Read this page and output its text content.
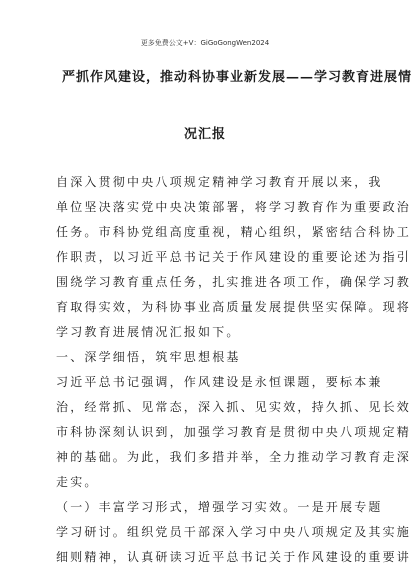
更多免费公文+V：GiGoGongWen2024
严抓作风建设，推动科协事业新发展——学习教育进展情
况汇报
自深入贯彻中央八项规定精神学习教育开展以来，我
单位坚决落实党中央决策部署，将学习教育作为重要政治
任务。市科协党组高度重视，精心组织，紧密结合科协工
作职责，以习近平总书记关于作风建设的重要论述为指引
围绕学习教育重点任务，扎实推进各项工作，确保学习教
育取得实效，为科协事业高质量发展提供坚实保障。现将
学习教育进展情况汇报如下。
一、深学细悟，筑牢思想根基
习近平总书记强调，作风建设是永恒课题，要标本兼
治，经常抓、见常态，深入抓、见实效，持久抓、见长效
市科协深刻认识到，加强学习教育是贯彻中央八项规定精
神的基础。为此，我们多措并举，全力推动学习教育走深
走实。
（一）丰富学习形式，增强学习实效。一是开展专题
学习研讨。组织党员干部深入学习中央八项规定及其实施
细则精神，认真研读习近平总书记关于作风建设的重要讲
